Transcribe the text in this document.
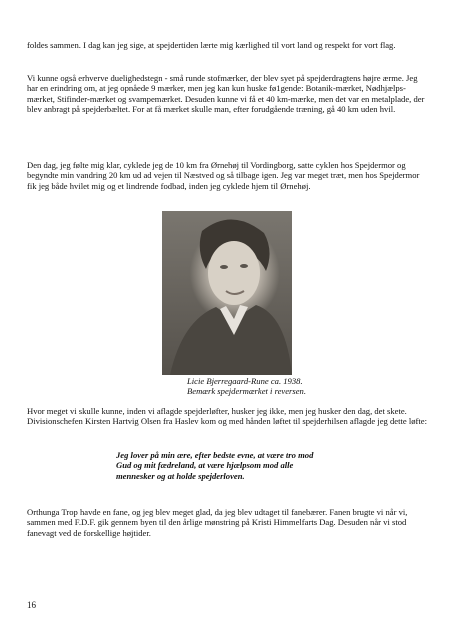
foldes sammen. I dag kan jeg sige, at spejdertiden lærte mig kærlighed til vort land og respekt for vort flag.

Vi kunne også erhverve duelighedstegn - små runde stofmærker, der blev syet på spejderdragtens højre ærme. Jeg har en erindring om, at jeg opnåede 9 mærker, men jeg kan kun huske fø1gende: Botanik-mærket, Nødhjælps-mærket, Stifinder-mærket og svampemærket. Desuden kunne vi få et 40 km-mærke, men det var en metalplade, der blev anbragt på spejderbæltet. For at få mærket skulle man, efter forudgående træning, gå 40 km uden hvil.

Den dag, jeg følte mig klar, cyklede jeg de 10 km fra Ørnehøj til Vordingborg, satte cyklen hos Spejdermor og begyndte min vandring 20 km ud ad vejen til Næstved og så tilbage igen. Jeg var meget træt, men hos Spejdermor fik jeg både hvilet mig og et lindrende fodbad, inden jeg cyklede hjem til Ørnehøj.

Licie Bjerregaard-Rune ca. 1938.
Bemærk spejdermærket i reversen.

Hvor meget vi skulle kunne, inden vi aflagde spejderløfter, husker jeg ikke, men jeg husker den dag, det skete. Divisionschefen Kirsten Hartvig Olsen fra Haslev kom og med hånden løftet til spejderhilsen aflagde jeg dette løfte:

Jeg lover på min ære, efter bedste evne, at være tro mod
Gud og mit fædreland, at være hjælpsom mod alle
mennesker og at holde spejderloven.

Orthunga Trop havde en fane, og jeg blev meget glad, da jeg blev udtaget til fanebærer. Fanen brugte vi når vi, sammen med F.D.F. gik gennem byen til den årlige mønstring på Kristi Himmelfarts Dag. Desuden når vi stod fanevagt ved de forskellige højtider.

16
